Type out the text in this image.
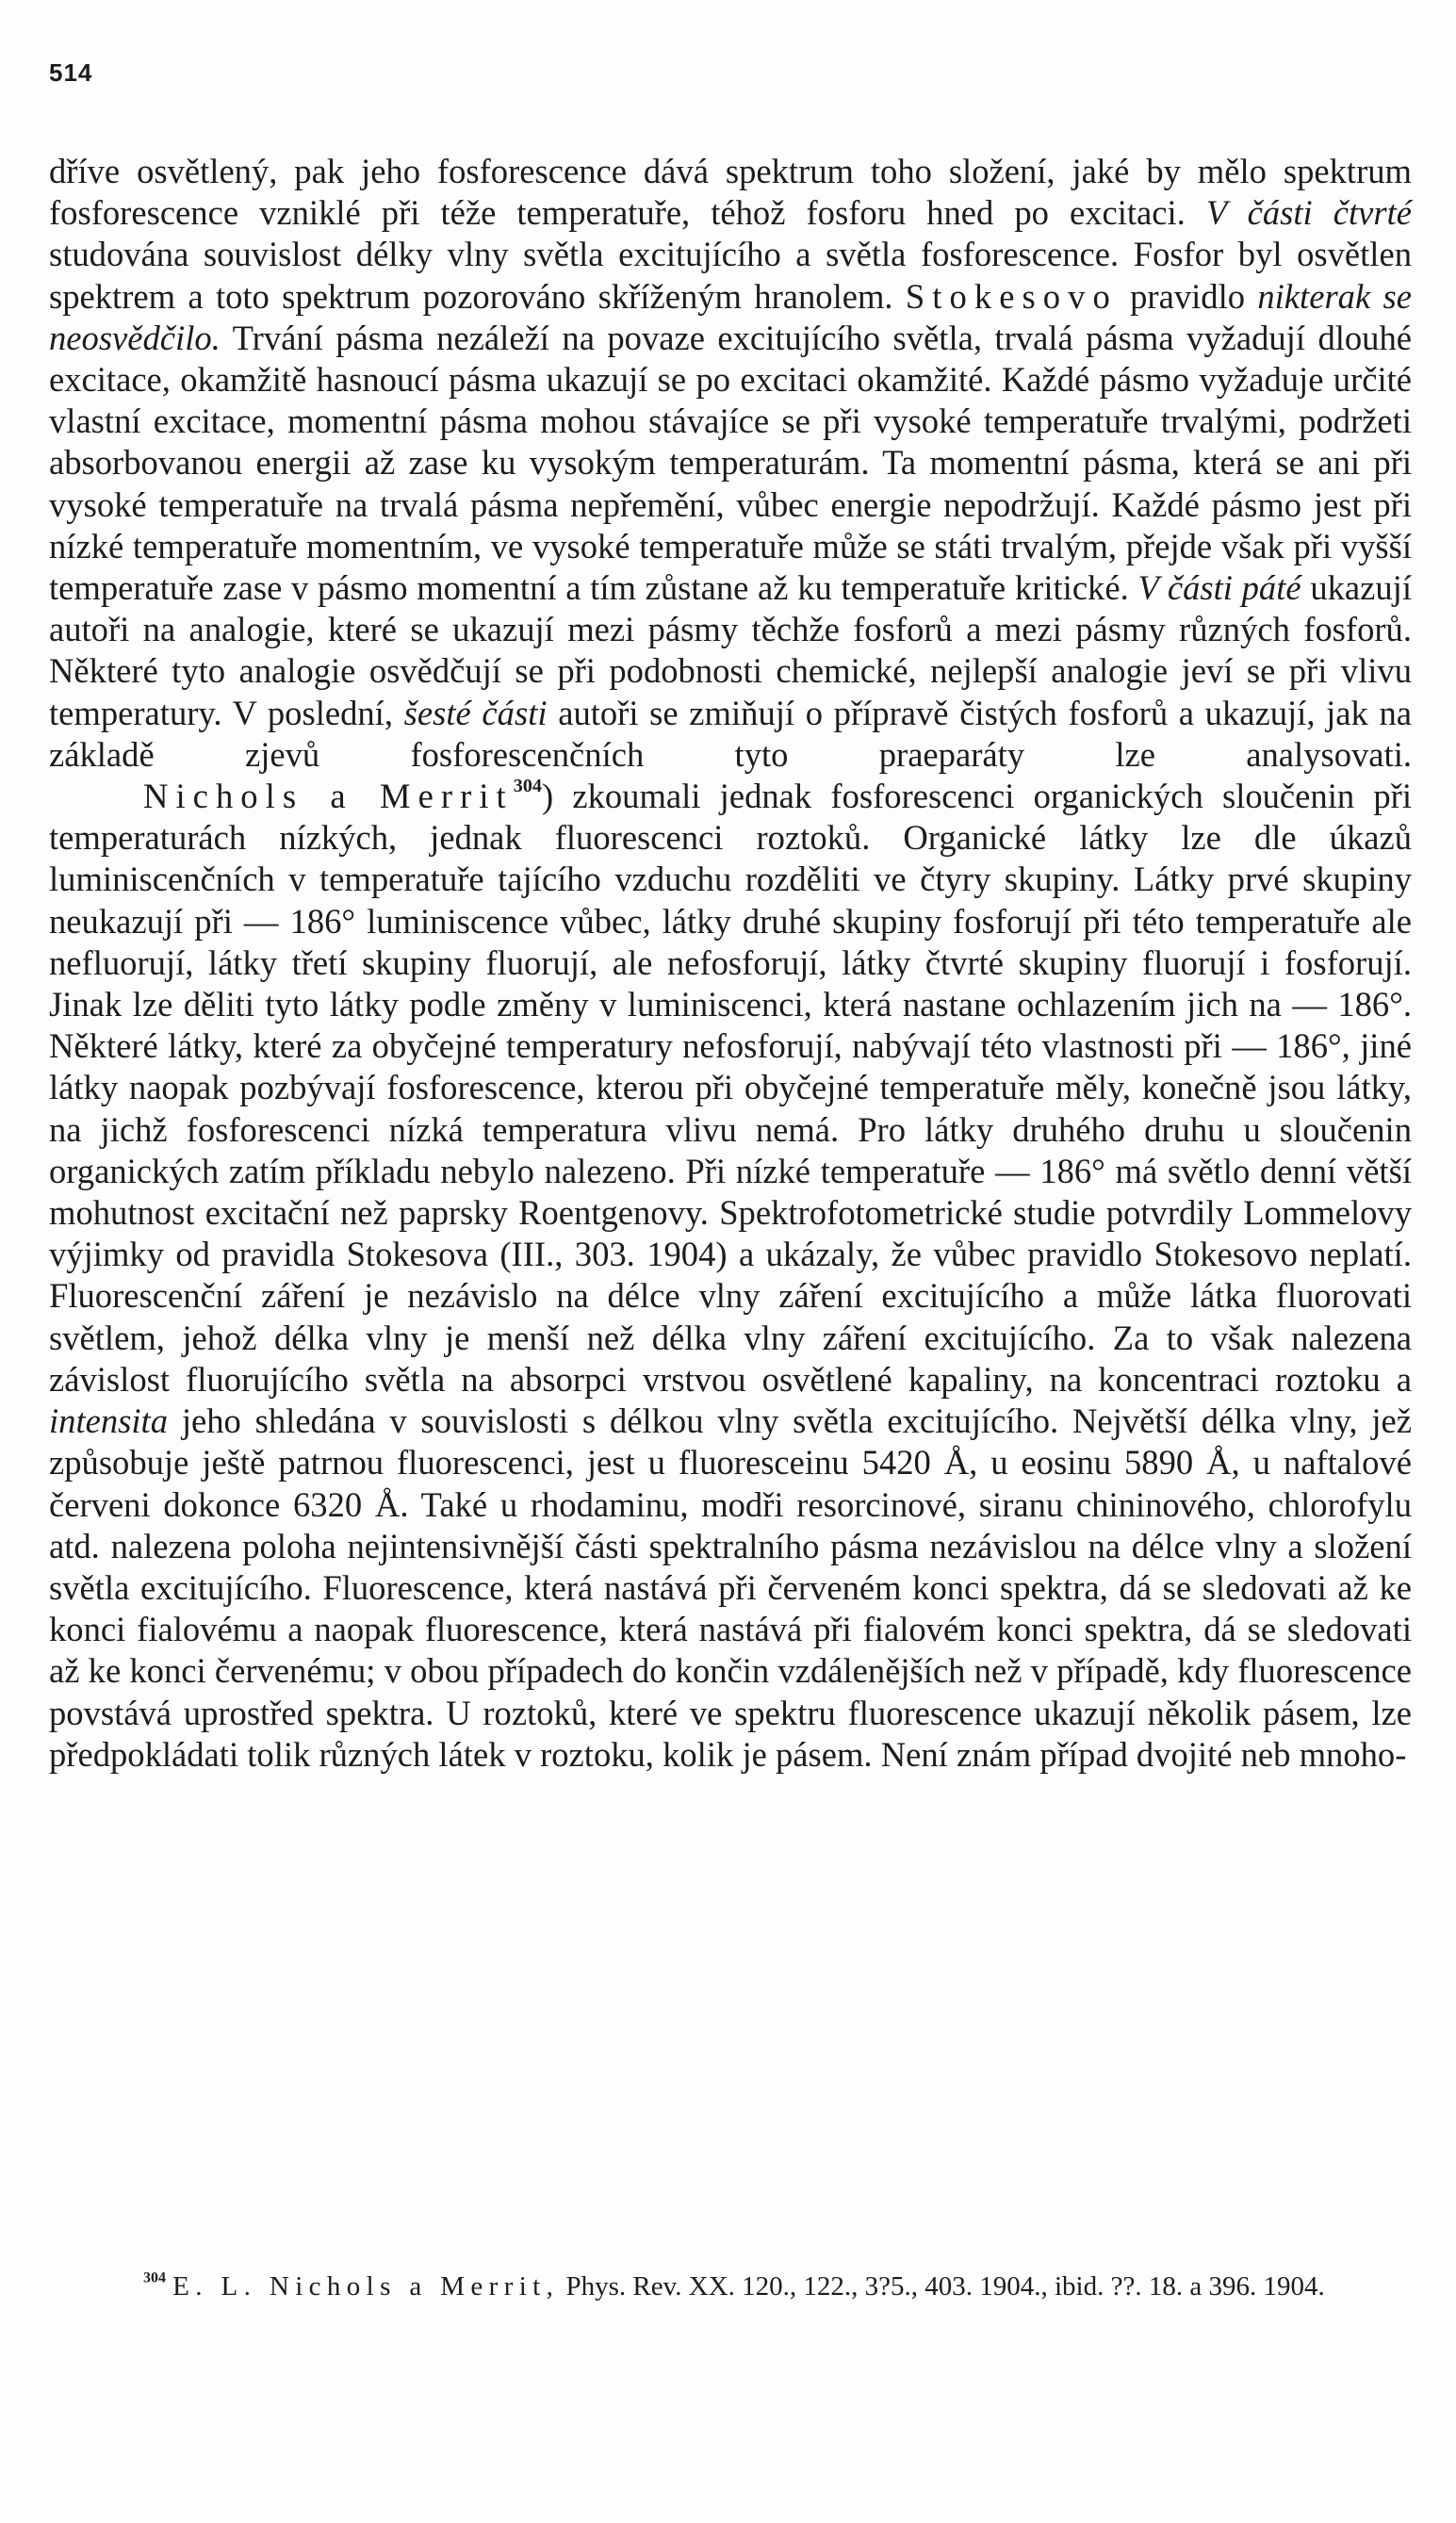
514

dříve osvětlený, pak jeho fosforescence dává spektrum toho složení, jaké by mělo spektrum fosforescence vzniklé při téže temperatuře, téhož fosforu hned po excitaci. V části čtvrté studována souvislost délky vlny světla excitujícího a světla fosforescence. Fosfor byl osvětlen spektrem a toto spektrum pozorováno skříženým hranolem. Stokesovo pravidlo nikterak se neosvědčilo. Trvání pásma nezáleží na povaze excitujícího světla, trvalá pásma vyžadují dlouhé excitace, okamžitě hasnoucí pásma ukazují se po excitaci okamžité. Každé pásmo vyžaduje určité vlastní excitace, momentní pásma mohou stávajíce se při vysoké temperatuře trvalými, podržeti absorbovanou energii až zase ku vysokým temperaturám. Ta momentní pásma, která se ani při vysoké temperatuře na trvalá pásma nepřemění, vůbec energie nepodržují. Každé pásmo jest při nízké temperatuře momentním, ve vysoké temperatuře může se státi trvalým, přejde však při vyšší temperatuře zase v pásmo momentní a tím zůstane až ku temperatuře kritické. V části páté ukazují autoři na analogie, které se ukazují mezi pásmy těchže fosforů a mezi pásmy různých fosforů. Některé tyto analogie osvědčují se při podobnosti chemické, nejlepší analogie jeví se při vlivu temperatury. V poslední, šesté části autoři se zmiňují o přípravě čistých fosforů a ukazují, jak na základě zjevů fosforescenčních tyto praeparáty lze analysovati.

Nichols a Merrit$^{304}$) zkoumali jednak fosforescenci organických sloučenin při temperaturách nízkých, jednak fluorescenci roztoků. Organické látky lze dle úkazů luminiscenčních v temperatuře tajícího vzduchu rozděliti ve čtyry skupiny. Látky prvé skupiny neukazují při — 186° luminiscence vůbec, látky druhé skupiny fosforují při této temperatuře ale nefluorují, látky třetí skupiny fluorují, ale nefosforují, látky čtvrté skupiny fluorují i fosforují. Jinak lze děliti tyto látky podle změny v luminiscenci, která nastane ochlazením jich na — 186°. Některé látky, které za obyčejné temperatury nefosforují, nabývají této vlastnosti při — 186°, jiné látky naopak pozbývají fosforescence, kterou při obyčejné temperatuře měly, konečně jsou látky, na jichž fosforescenci nízká temperatura vlivu nemá. Pro látky druhého druhu u sloučenin organických zatím příkladu nebylo nalezeno. Při nízké temperatuře — 186° má světlo denní větší mohutnost excitační než paprsky Roentgenovy. Spektrofotometrické studie potvrdily Lommelovy výjimky od pravidla Stokesova (III., 303. 1904) a ukázaly, že vůbec pravidlo Stokesovo neplatí. Fluorescenční záření je nezávislo na délce vlny záření excitujícího a může látka fluorovati světlem, jehož délka vlny je menší než délka vlny záření excitujícího. Za to však nalezena závislost fluorujícího světla na absorpci vrstvou osvětlené kapaliny, na koncentraci roztoku a intensita jeho shledána v souvislosti s délkou vlny světla excitujícího. Největší délka vlny, jež způsobuje ještě patrnou fluorescenci, jest u fluoresceinu 5420 Å, u eosinu 5890 Å, u naftalové červeni dokonce 6320 Å. Také u rhodaminu, modři resorcinové, siranu chininového, chlorofylu atd. nalezena poloha nejintensivnější části spektralního pásma nezávislou na délce vlny a složení světla excitujícího. Fluorescence, která nastává při červeném konci spektra, dá se sledovati až ke konci fialovému a naopak fluorescence, která nastává při fialovém konci spektra, dá se sledovati až ke konci červenému; v obou případech do končin vzdálenějších než v případě, kdy fluorescence povstává uprostřed spektra. U roztoků, které ve spektru fluorescence ukazují několik pásem, lze předpokládati tolik různých látek v roztoku, kolik je pásem. Není znám případ dvojité neb mnoho-

$^{304}$ E. L. Nichols a Merrit, Phys. Rev. XX. 120., 122., 3?5., 403. 1904., ibid. ??. 18. a 396. 1904.
